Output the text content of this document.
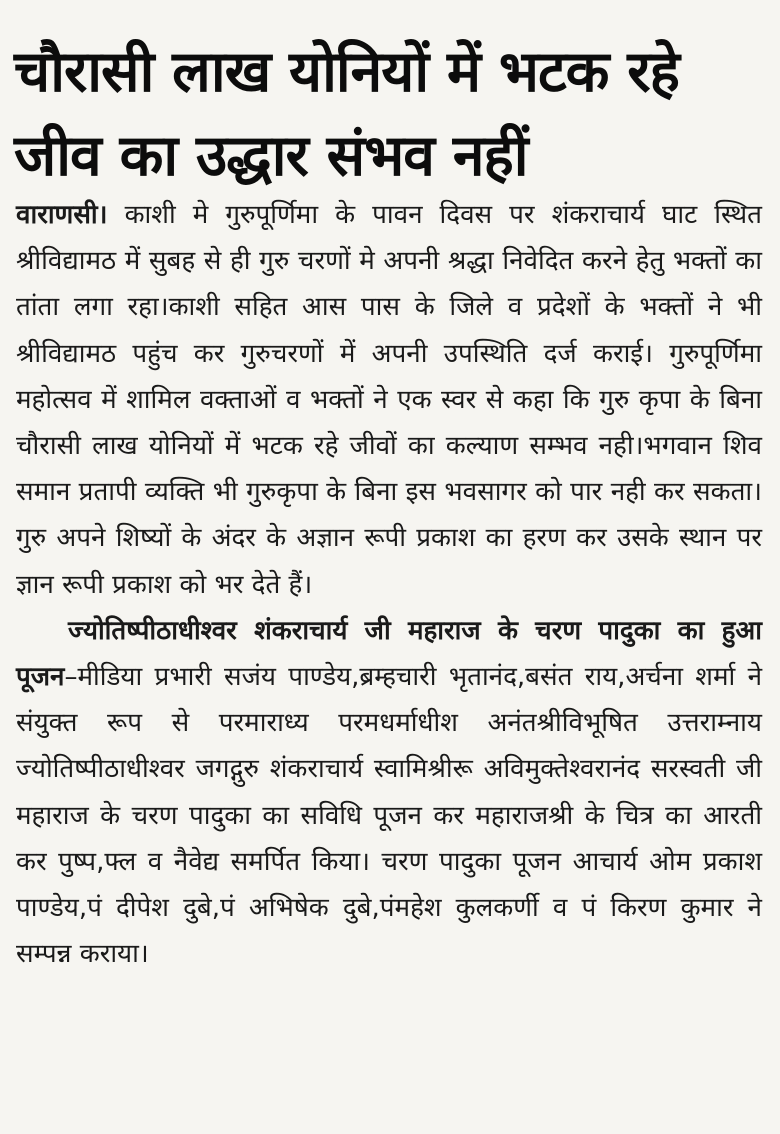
चौरासी लाख योनियों में भटक रहे जीव का उद्धार संभव नहीं

वाराणसी। काशी मे गुरुपूर्णिमा के पावन दिवस पर शंकराचार्य घाट स्थित श्रीविद्यामठ में सुबह से ही गुरु चरणों मे अपनी श्रद्धा निवेदित करने हेतु भक्तों का तांता लगा रहा।काशी सहित आस पास के जिले व प्रदेशों के भक्तों ने भी श्रीविद्यामठ पहुंच कर गुरुचरणों में अपनी उपस्थिति दर्ज कराई। गुरुपूर्णिमा महोत्सव में शामिल वक्ताओं व भक्तों ने एक स्वर से कहा कि गुरु कृपा के बिना चौरासी लाख योनियों में भटक रहे जीवों का कल्याण सम्भव नही।भगवान शिव समान प्रतापी व्यक्ति भी गुरुकृपा के बिना इस भवसागर को पार नही कर सकता।गुरु अपने शिष्यों के अंदर के अज्ञान रूपी प्रकाश का हरण कर उसके स्थान पर ज्ञान रूपी प्रकाश को भर देते हैं।

ज्योतिष्पीठाधीश्वर शंकराचार्य जी महाराज के चरण पादुका का हुआ पूजन–मीडिया प्रभारी सजंय पाण्डेय,ब्रम्हचारी भृतानंद,बसंत राय,अर्चना शर्मा ने संयुक्त रूप से परमाराध्य परमधर्माधीश अनंतश्रीविभूषित उत्तराम्नाय ज्योतिष्पीठाधीश्वर जगद्गुरु शंकराचार्य स्वामिश्रीरू अविमुक्तेश्वरानंद सरस्वती जी महाराज के चरण पादुका का सविधि पूजन कर महाराजश्री के चित्र का आरती कर पुष्प,फ्ल व नैवेद्य समर्पित किया। चरण पादुका पूजन आचार्य ओम प्रकाश पाण्डेय,पं दीपेश दुबे,पं अभिषेक दुबे,पंमहेश कुलकर्णी व पं किरण कुमार ने सम्पन्न कराया।
